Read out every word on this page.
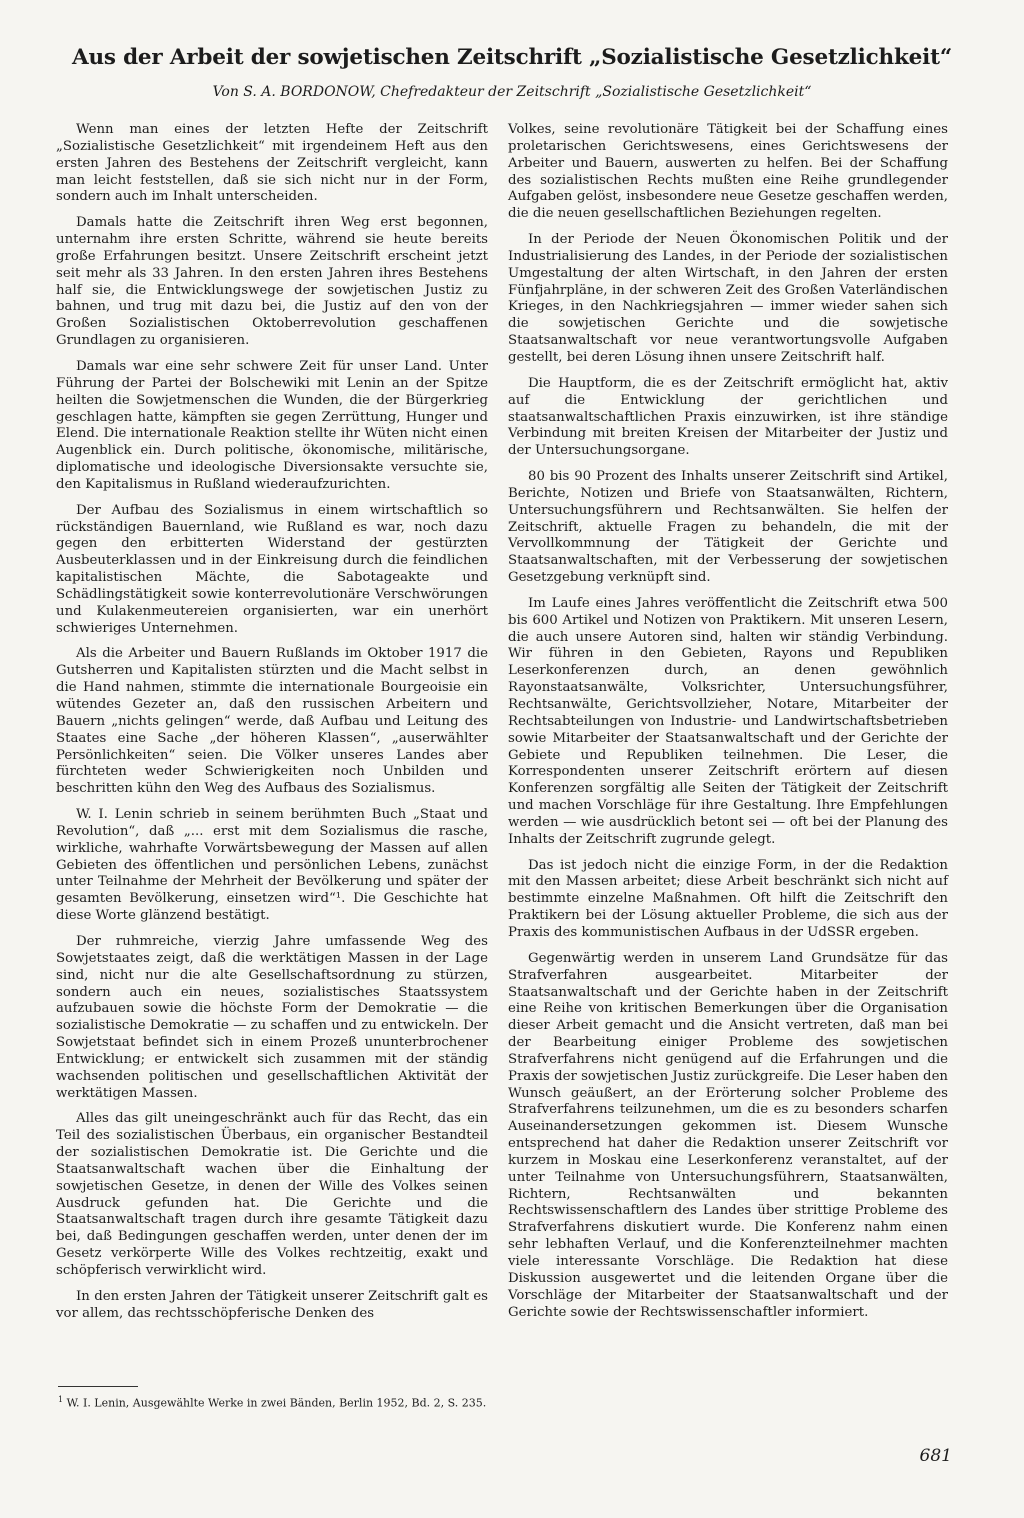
Aus der Arbeit der sowjetischen Zeitschrift „Sozialistische Gesetzlichkeit“
Von S. A. BORDONOW, Chefredakteur der Zeitschrift „Sozialistische Gesetzlichkeit“

Wenn man eines der letzten Hefte der Zeitschrift „Sozialistische Gesetzlichkeit“ mit irgendeinem Heft aus den ersten Jahren des Bestehens der Zeitschrift vergleicht, kann man leicht feststellen, daß sie sich nicht nur in der Form, sondern auch im Inhalt unterscheiden.

Damals hatte die Zeitschrift ihren Weg erst begonnen, unternahm ihre ersten Schritte, während sie heute bereits große Erfahrungen besitzt. Unsere Zeitschrift erscheint jetzt seit mehr als 33 Jahren. In den ersten Jahren ihres Bestehens half sie, die Entwicklungswege der sowjetischen Justiz zu bahnen, und trug mit dazu bei, die Justiz auf den von der Großen Sozialistischen Oktoberrevolution geschaffenen Grundlagen zu organisieren.

Damals war eine sehr schwere Zeit für unser Land. Unter Führung der Partei der Bolschewiki mit Lenin an der Spitze heilten die Sowjetmenschen die Wunden, die der Bürgerkrieg geschlagen hatte, kämpften sie gegen Zerrüttung, Hunger und Elend. Die internationale Reaktion stellte ihr Wüten nicht einen Augenblick ein. Durch politische, ökonomische, militärische, diplomatische und ideologische Diversionsakte versuchte sie, den Kapitalismus in Rußland wiederaufzurichten.

Der Aufbau des Sozialismus in einem wirtschaftlich so rückständigen Bauernland, wie Rußland es war, noch dazu gegen den erbitterten Widerstand der gestürzten Ausbeuterklassen und in der Einkreisung durch die feindlichen kapitalistischen Mächte, die Sabotageakte und Schädlingstätigkeit sowie konterrevolutionäre Verschwörungen und Kulakenmeutereien organisierten, war ein unerhört schwieriges Unternehmen.

Als die Arbeiter und Bauern Rußlands im Oktober 1917 die Gutsherren und Kapitalisten stürzten und die Macht selbst in die Hand nahmen, stimmte die internationale Bourgeoisie ein wütendes Gezeter an, daß den russischen Arbeitern und Bauern „nichts gelingen“ werde, daß Aufbau und Leitung des Staates eine Sache „der höheren Klassen“, „auserwählter Persönlichkeiten“ seien. Die Völker unseres Landes aber fürchteten weder Schwierigkeiten noch Unbilden und beschritten kühn den Weg des Aufbaus des Sozialismus.

W. I. Lenin schrieb in seinem berühmten Buch „Staat und Revolution“, daß „... erst mit dem Sozialismus die rasche, wirkliche, wahrhafte Vorwärtsbewegung der Massen auf allen Gebieten des öffentlichen und persönlichen Lebens, zunächst unter Teilnahme der Mehrheit der Bevölkerung und später der gesamten Bevölkerung, einsetzen wird“¹. Die Geschichte hat diese Worte glänzend bestätigt.

Der ruhmreiche, vierzig Jahre umfassende Weg des Sowjetstaates zeigt, daß die werktätigen Massen in der Lage sind, nicht nur die alte Gesellschaftsordnung zu stürzen, sondern auch ein neues, sozialistisches Staatssystem aufzubauen sowie die höchste Form der Demokratie — die sozialistische Demokratie — zu schaffen und zu entwickeln. Der Sowjetstaat befindet sich in einem Prozeß ununterbrochener Entwicklung; er entwickelt sich zusammen mit der ständig wachsenden politischen und gesellschaftlichen Aktivität der werktätigen Massen.

Alles das gilt uneingeschränkt auch für das Recht, das ein Teil des sozialistischen Überbaus, ein organischer Bestandteil der sozialistischen Demokratie ist. Die Gerichte und die Staatsanwaltschaft wachen über die Einhaltung der sowjetischen Gesetze, in denen der Wille des Volkes seinen Ausdruck gefunden hat. Die Gerichte und die Staatsanwaltschaft tragen durch ihre gesamte Tätigkeit dazu bei, daß Bedingungen geschaffen werden, unter denen der im Gesetz verkörperte Wille des Volkes rechtzeitig, exakt und schöpferisch verwirklicht wird.

In den ersten Jahren der Tätigkeit unserer Zeitschrift galt es vor allem, das rechtsschöpferische Denken des

Volkes, seine revolutionäre Tätigkeit bei der Schaffung eines proletarischen Gerichtswesens, eines Gerichtswesens der Arbeiter und Bauern, auswerten zu helfen. Bei der Schaffung des sozialistischen Rechts mußten eine Reihe grundlegender Aufgaben gelöst, insbesondere neue Gesetze geschaffen werden, die die neuen gesellschaftlichen Beziehungen regelten.

In der Periode der Neuen Ökonomischen Politik und der Industrialisierung des Landes, in der Periode der sozialistischen Umgestaltung der alten Wirtschaft, in den Jahren der ersten Fünfjahrpläne, in der schweren Zeit des Großen Vaterländischen Krieges, in den Nachkriegsjahren — immer wieder sahen sich die sowjetischen Gerichte und die sowjetische Staatsanwaltschaft vor neue verantwortungsvolle Aufgaben gestellt, bei deren Lösung ihnen unsere Zeitschrift half.

Die Hauptform, die es der Zeitschrift ermöglicht hat, aktiv auf die Entwicklung der gerichtlichen und staatsanwaltschaftlichen Praxis einzuwirken, ist ihre ständige Verbindung mit breiten Kreisen der Mitarbeiter der Justiz und der Untersuchungsorgane.

80 bis 90 Prozent des Inhalts unserer Zeitschrift sind Artikel, Berichte, Notizen und Briefe von Staatsanwälten, Richtern, Untersuchungsführern und Rechtsanwälten. Sie helfen der Zeitschrift, aktuelle Fragen zu behandeln, die mit der Vervollkommnung der Tätigkeit der Gerichte und Staatsanwaltschaften, mit der Verbesserung der sowjetischen Gesetzgebung verknüpft sind.

Im Laufe eines Jahres veröffentlicht die Zeitschrift etwa 500 bis 600 Artikel und Notizen von Praktikern. Mit unseren Lesern, die auch unsere Autoren sind, halten wir ständig Verbindung. Wir führen in den Gebieten, Rayons und Republiken Leserkonferenzen durch, an denen gewöhnlich Rayonstaatsanwälte, Volksrichter, Untersuchungsführer, Rechtsanwälte, Gerichtsvollzieher, Notare, Mitarbeiter der Rechtsabteilungen von Industrie- und Landwirtschaftsbetrieben sowie Mitarbeiter der Staatsanwaltschaft und der Gerichte der Gebiete und Republiken teilnehmen. Die Leser, die Korrespondenten unserer Zeitschrift erörtern auf diesen Konferenzen sorgfältig alle Seiten der Tätigkeit der Zeitschrift und machen Vorschläge für ihre Gestaltung. Ihre Empfehlungen werden — wie ausdrücklich betont sei — oft bei der Planung des Inhalts der Zeitschrift zugrunde gelegt.

Das ist jedoch nicht die einzige Form, in der die Redaktion mit den Massen arbeitet; diese Arbeit beschränkt sich nicht auf bestimmte einzelne Maßnahmen. Oft hilft die Zeitschrift den Praktikern bei der Lösung aktueller Probleme, die sich aus der Praxis des kommunistischen Aufbaus in der UdSSR ergeben.

Gegenwärtig werden in unserem Land Grundsätze für das Strafverfahren ausgearbeitet. Mitarbeiter der Staatsanwaltschaft und der Gerichte haben in der Zeitschrift eine Reihe von kritischen Bemerkungen über die Organisation dieser Arbeit gemacht und die Ansicht vertreten, daß man bei der Bearbeitung einiger Probleme des sowjetischen Strafverfahrens nicht genügend auf die Erfahrungen und die Praxis der sowjetischen Justiz zurückgreife. Die Leser haben den Wunsch geäußert, an der Erörterung solcher Probleme des Strafverfahrens teilzunehmen, um die es zu besonders scharfen Auseinandersetzungen gekommen ist. Diesem Wunsche entsprechend hat daher die Redaktion unserer Zeitschrift vor kurzem in Moskau eine Leserkonferenz veranstaltet, auf der unter Teilnahme von Untersuchungsführern, Staatsanwälten, Richtern, Rechtsanwälten und bekannten Rechtswissenschaftlern des Landes über strittige Probleme des Strafverfahrens diskutiert wurde. Die Konferenz nahm einen sehr lebhaften Verlauf, und die Konferenzteilnehmer machten viele interessante Vorschläge. Die Redaktion hat diese Diskussion ausgewertet und die leitenden Organe über die Vorschläge der Mitarbeiter der Staatsanwaltschaft und der Gerichte sowie der Rechtswissenschaftler informiert.

$^1$ W. I. Lenin, Ausgewählte Werke in zwei Bänden, Berlin 1952, Bd. 2, S. 235.
681
